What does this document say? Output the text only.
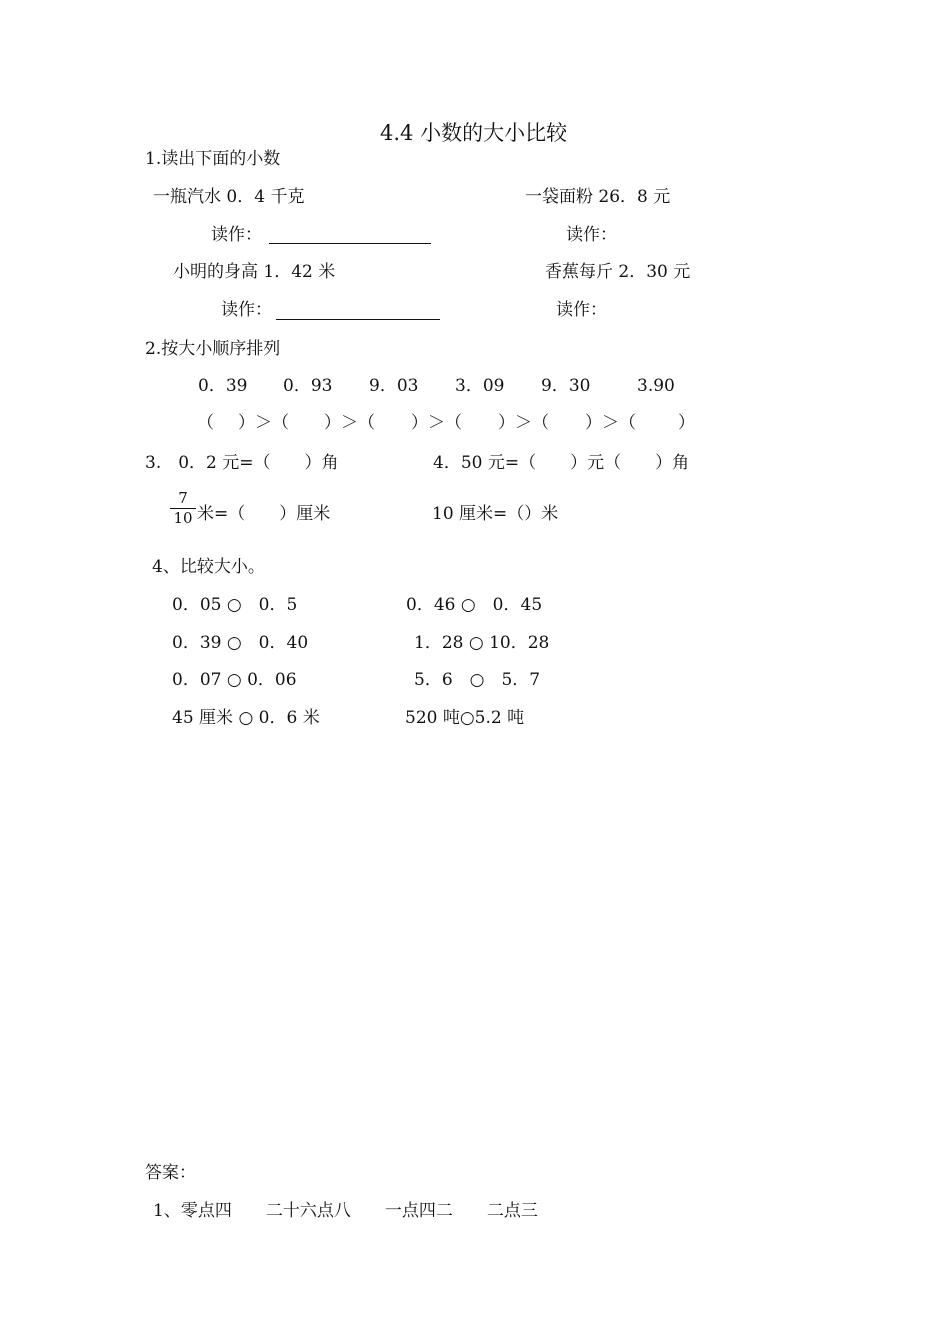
4.4 小数的大小比较
1.读出下面的小数
一瓶汽水 0．4 千克	一袋面粉 26．8 元
读作：	读作：
小明的身高 1．42 米	香蕉每斤 2．30 元
读作：	读作：
2.按大小顺序排列
0．39 0．93 9．03 3．09 9．30	3.90
（ ）＞（ ）＞（ ）＞（ ）＞（ ）＞（ ）
3.　0．2 元=（　　）角	4．50 元=（　　）元（　　）角
7
10 米=（　　）厘米	10 厘米=（）米
4、比较大小。
0．05 ○　0．5	0．46 ○　0．45
0．39 ○　0．40	1．28 ○ 10．28
0．07 ○ 0．06	5．6　○　5．7
45 厘米 ○ 0．6 米	520 吨○5.2 吨
答案：
1、零点四　　二十六点八　　一点四二　　二点三
